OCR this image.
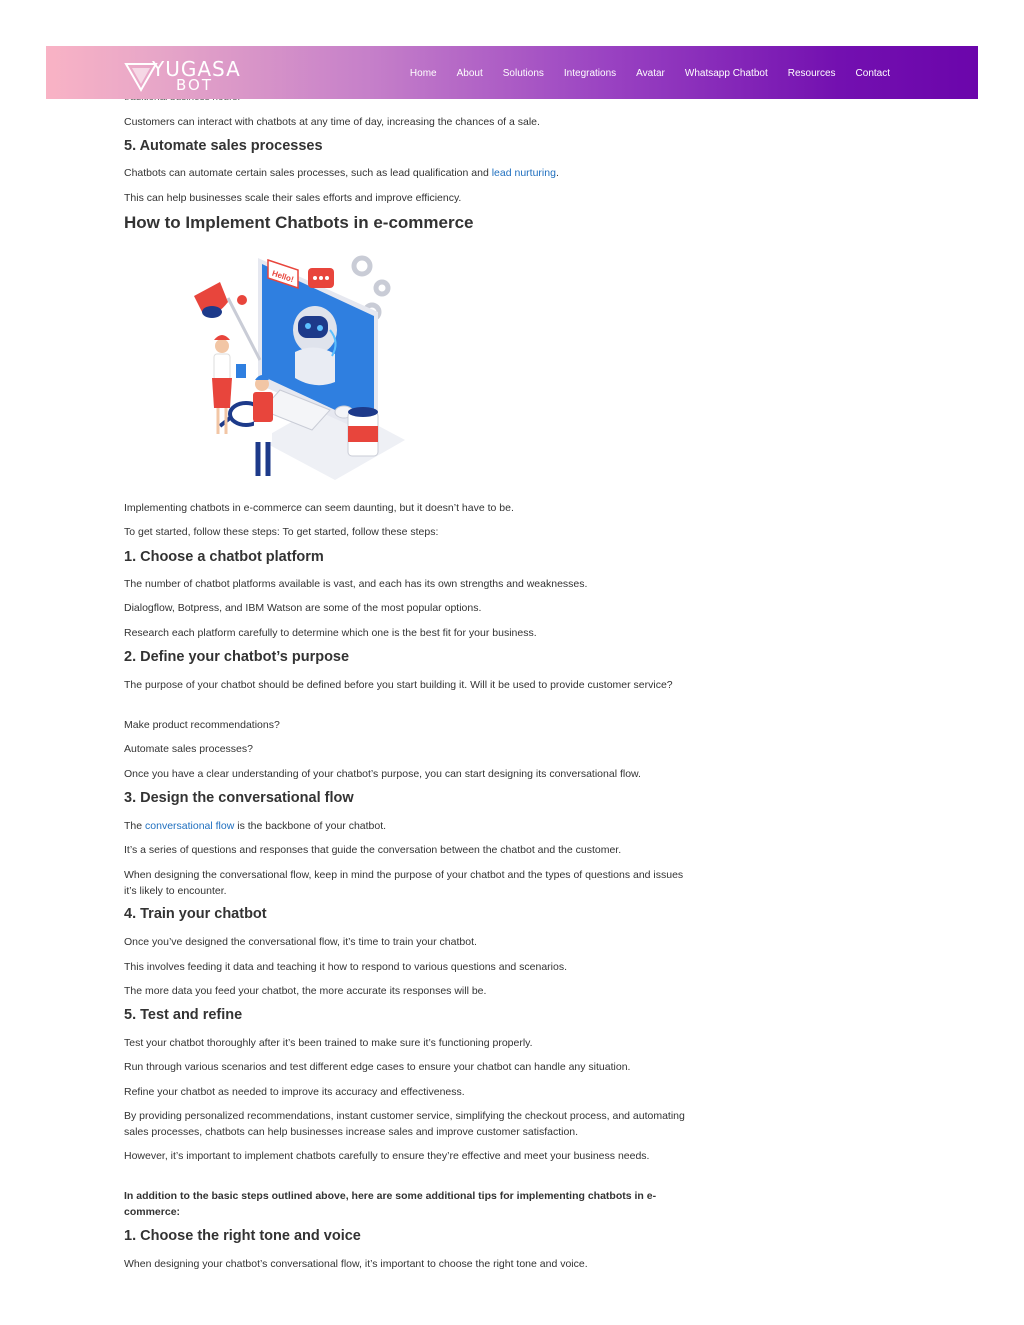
YUGASA
BOT
Home About Solutions Integrations Avatar Whatsapp Chatbot Resources Contact

Customers can interact with chatbots at any time of day, increasing the chances of a sale.

5. Automate sales processes

Chatbots can automate certain sales processes, such as lead qualification and lead nurturing.

This can help businesses scale their sales efforts and improve efficiency.

How to Implement Chatbots in e-commerce

Implementing chatbots in e-commerce can seem daunting, but it doesn’t have to be.

To get started, follow these steps: To get started, follow these steps:

1. Choose a chatbot platform

The number of chatbot platforms available is vast, and each has its own strengths and weaknesses.

Dialogflow, Botpress, and IBM Watson are some of the most popular options.

Research each platform carefully to determine which one is the best fit for your business.

2. Define your chatbot’s purpose

The purpose of your chatbot should be defined before you start building it. Will it be used to provide customer service?

Make product recommendations?

Automate sales processes?

Once you have a clear understanding of your chatbot’s purpose, you can start designing its conversational flow.

3. Design the conversational flow

The conversational flow is the backbone of your chatbot.

It’s a series of questions and responses that guide the conversation between the chatbot and the customer.

When designing the conversational flow, keep in mind the purpose of your chatbot and the types of questions and issues it’s likely to encounter.

4. Train your chatbot

Once you’ve designed the conversational flow, it’s time to train your chatbot.

This involves feeding it data and teaching it how to respond to various questions and scenarios.

The more data you feed your chatbot, the more accurate its responses will be.

5. Test and refine

Test your chatbot thoroughly after it’s been trained to make sure it’s functioning properly.

Run through various scenarios and test different edge cases to ensure your chatbot can handle any situation.

Refine your chatbot as needed to improve its accuracy and effectiveness.

By providing personalized recommendations, instant customer service, simplifying the checkout process, and automating sales processes, chatbots can help businesses increase sales and improve customer satisfaction.

However, it’s important to implement chatbots carefully to ensure they’re effective and meet your business needs.

In addition to the basic steps outlined above, here are some additional tips for implementing chatbots in e-commerce:

1. Choose the right tone and voice

When designing your chatbot’s conversational flow, it’s important to choose the right tone and voice.

Hello!
